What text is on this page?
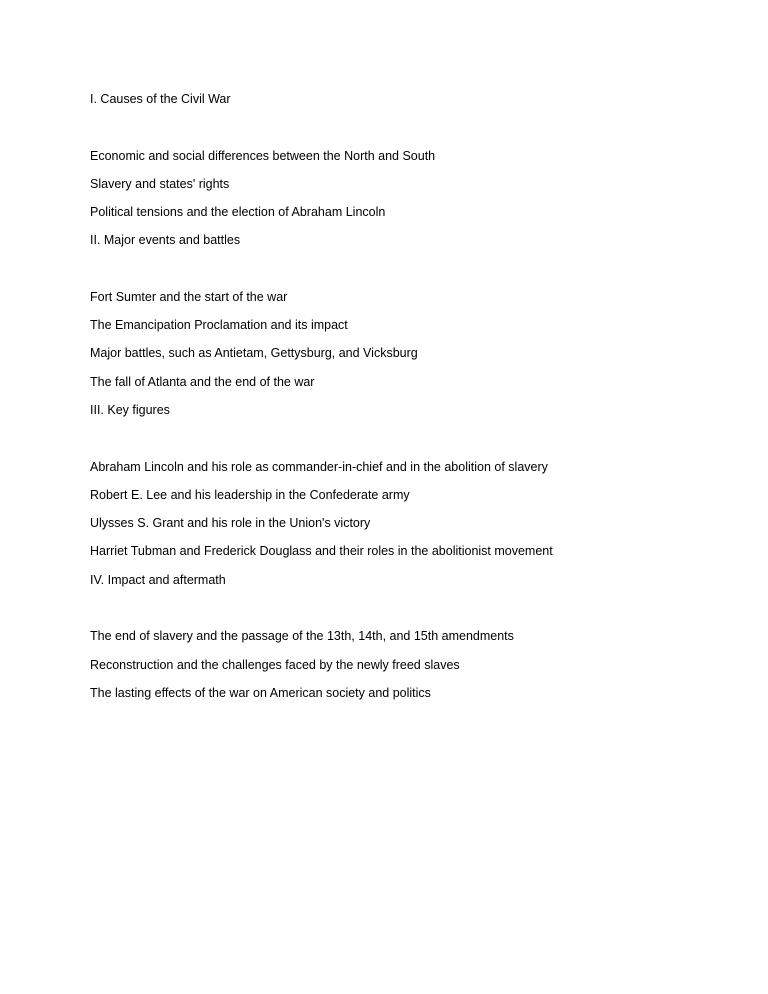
I. Causes of the Civil War
Economic and social differences between the North and South
Slavery and states' rights
Political tensions and the election of Abraham Lincoln
II. Major events and battles
Fort Sumter and the start of the war
The Emancipation Proclamation and its impact
Major battles, such as Antietam, Gettysburg, and Vicksburg
The fall of Atlanta and the end of the war
III. Key figures
Abraham Lincoln and his role as commander-in-chief and in the abolition of slavery
Robert E. Lee and his leadership in the Confederate army
Ulysses S. Grant and his role in the Union's victory
Harriet Tubman and Frederick Douglass and their roles in the abolitionist movement
IV. Impact and aftermath
The end of slavery and the passage of the 13th, 14th, and 15th amendments
Reconstruction and the challenges faced by the newly freed slaves
The lasting effects of the war on American society and politics
